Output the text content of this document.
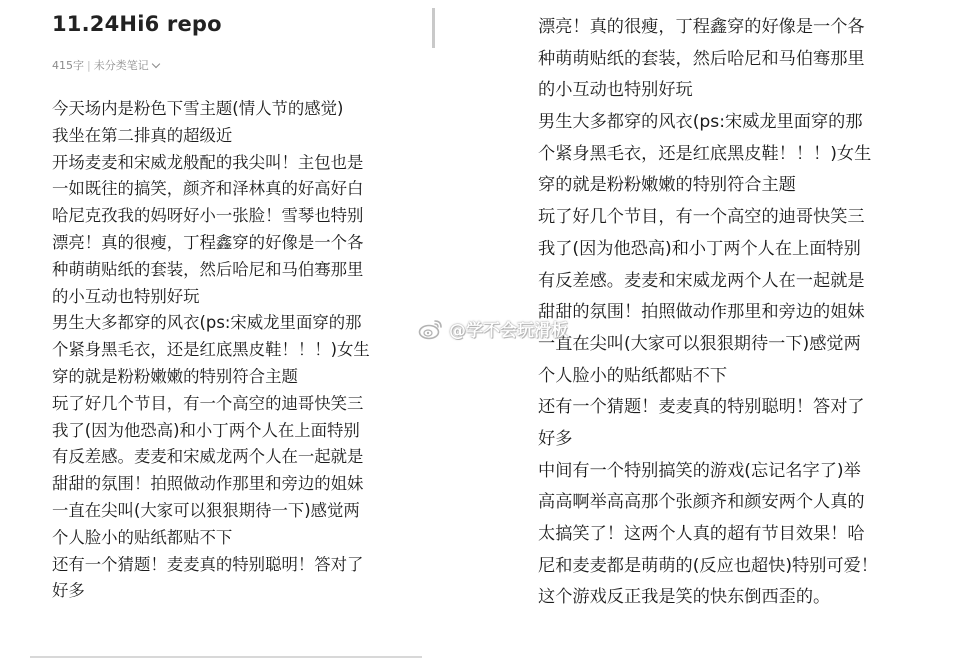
11.24Hi6 repo
415字 | 未分类笔记
今天场内是粉色下雪主题(情人节的感觉)
我坐在第二排真的超级近
开场麦麦和宋威龙般配的我尖叫！主包也是
一如既往的搞笑，颜齐和泽林真的好高好白
哈尼克孜我的妈呀好小一张脸！雪琴也特别
漂亮！真的很瘦，丁程鑫穿的好像是一个各
种萌萌贴纸的套装，然后哈尼和马伯骞那里
的小互动也特别好玩
男生大多都穿的风衣(ps:宋威龙里面穿的那
个紧身黑毛衣，还是红底黑皮鞋！！！)女生
穿的就是粉粉嫩嫩的特别符合主题
玩了好几个节目，有一个高空的迪哥快笑三
我了(因为他恐高)和小丁两个人在上面特别
有反差感。麦麦和宋威龙两个人在一起就是
甜甜的氛围！拍照做动作那里和旁边的姐妹
一直在尖叫(大家可以狠狠期待一下)感觉两
个人脸小的贴纸都贴不下
还有一个猜题！麦麦真的特别聪明！答对了
好多
漂亮！真的很瘦，丁程鑫穿的好像是一个各
种萌萌贴纸的套装，然后哈尼和马伯骞那里
的小互动也特别好玩
男生大多都穿的风衣(ps:宋威龙里面穿的那
个紧身黑毛衣，还是红底黑皮鞋！！！)女生
穿的就是粉粉嫩嫩的特别符合主题
玩了好几个节目，有一个高空的迪哥快笑三
我了(因为他恐高)和小丁两个人在上面特别
有反差感。麦麦和宋威龙两个人在一起就是
甜甜的氛围！拍照做动作那里和旁边的姐妹
一直在尖叫(大家可以狠狠期待一下)感觉两
个人脸小的贴纸都贴不下
还有一个猜题！麦麦真的特别聪明！答对了
好多
中间有一个特别搞笑的游戏(忘记名字了)举
高高啊举高高那个张颜齐和颜安两个人真的
太搞笑了！这两个人真的超有节目效果！哈
尼和麦麦都是萌萌的(反应也超快)特别可爱！
这个游戏反正我是笑的快东倒西歪的。
@学不会玩滑板
